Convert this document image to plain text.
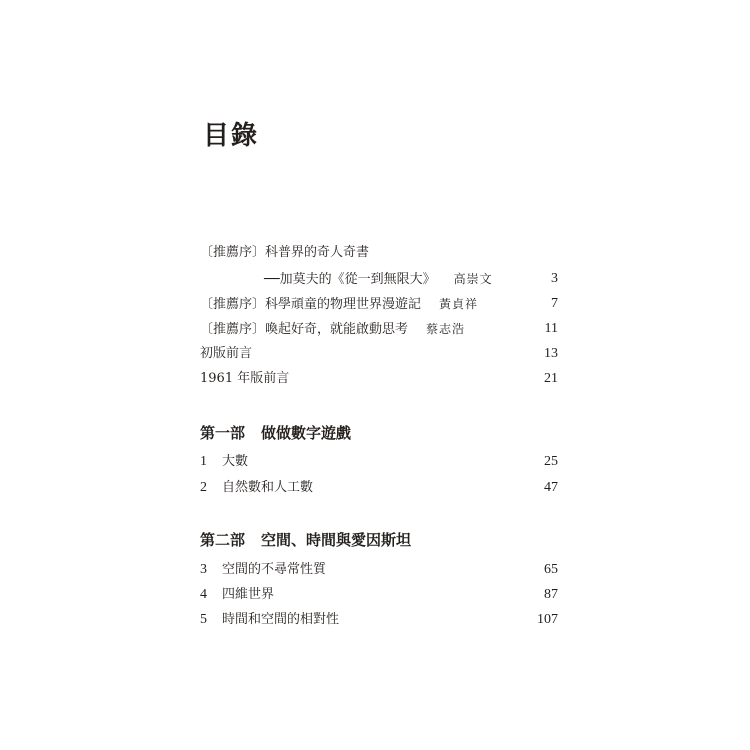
目錄
〔推薦序〕科普界的奇人奇書
──加莫夫的《從一到無限大》 高崇文	3
〔推薦序〕科學頑童的物理世界漫遊記 黃貞祥	7
〔推薦序〕喚起好奇，就能啟動思考 蔡志浩	11
初版前言	13
1961 年版前言	21
第一部 做做數字遊戲
1 大數	25
2 自然數和人工數	47
第二部 空間、時間與愛因斯坦
3 空間的不尋常性質	65
4 四維世界	87
5 時間和空間的相對性	107
